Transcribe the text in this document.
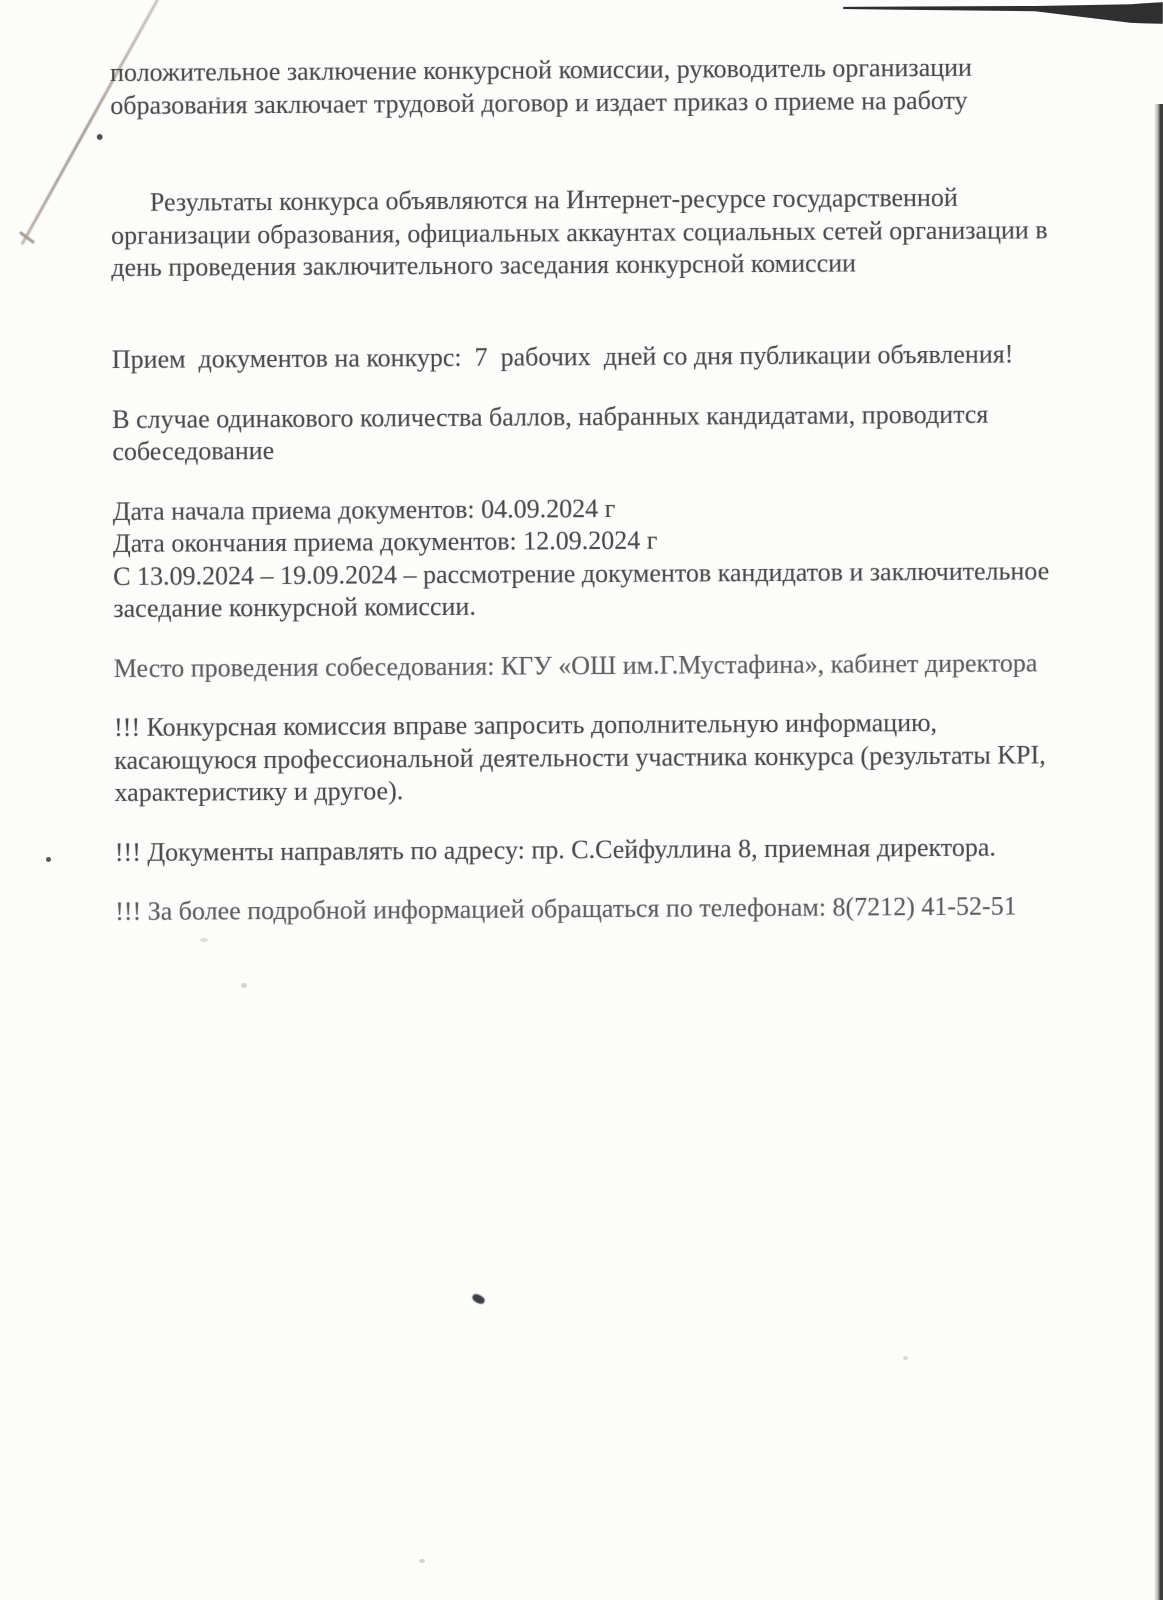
положительное заключение конкурсной комиссии, руководитель организации
образования заключает трудовой договор и издает приказ о приеме на работу

•

Результаты конкурса объявляются на Интернет-ресурсе государственной
организации образования, официальных аккаунтах социальных сетей организации в
день проведения заключительного заседания конкурсной комиссии

Прием  документов на конкурс:  7  рабочих  дней со дня публикации объявления!

В случае одинакового количества баллов, набранных кандидатами, проводится
собеседование

Дата начала приема документов: 04.09.2024 г
Дата окончания приема документов: 12.09.2024 г
С 13.09.2024 – 19.09.2024 – рассмотрение документов кандидатов и заключительное
заседание конкурсной комиссии.

Место проведения собеседования: КГУ «ОШ им.Г.Мустафина», кабинет директора

!!! Конкурсная комиссия вправе запросить дополнительную информацию,
касающуюся профессиональной деятельности участника конкурса (результаты KPI,
характеристику и другое).

!!! Документы направлять по адресу: пр. С.Сейфуллина 8, приемная директора.

!!! За более подробной информацией обращаться по телефонам: 8(7212) 41-52-51
